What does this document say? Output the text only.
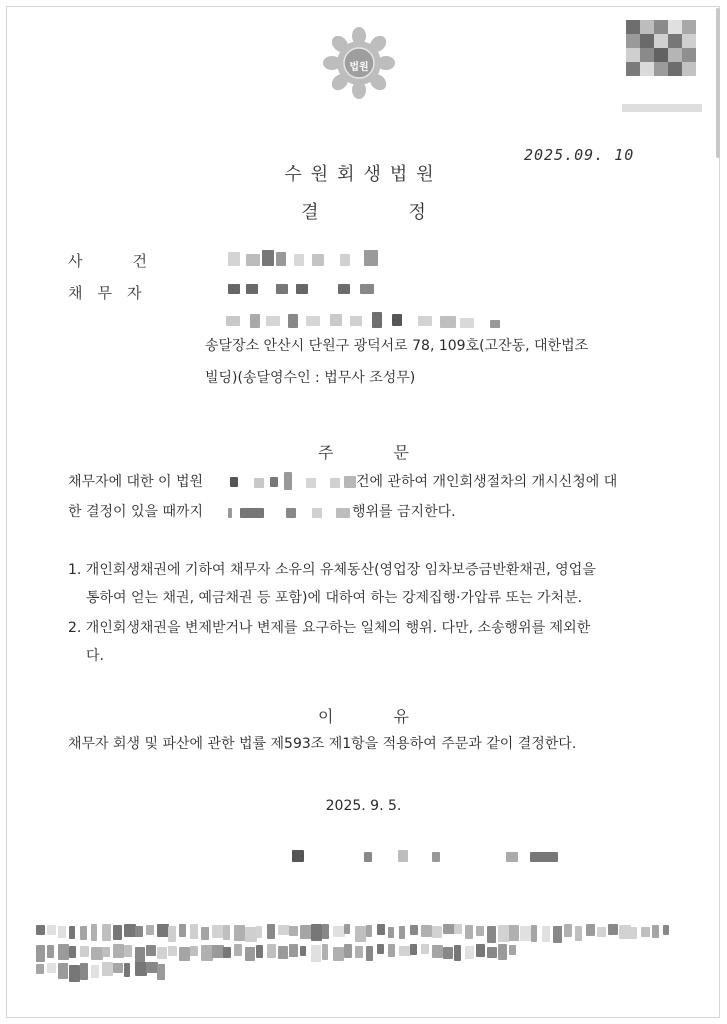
법원
2025.09. 10
수원회생법원
결	정
사건
채무자
송달장소 안산시 단원구 광덕서로 78, 109호(고잔동, 대한법조
빌딩)(송달영수인 : 법무사 조성무)
주	문
채무자에 대한 이 법원	건에 관하여 개인회생절차의 개시신청에 대
한 결정이 있을 때까지	행위를 금지한다.
1. 개인회생채권에 기하여 채무자 소유의 유체동산(영업장 임차보증금반환채권, 영업을
통하여 얻는 채권, 예금채권 등 포함)에 대하여 하는 강제집행·가압류 또는 가처분.
2. 개인회생채권을 변제받거나 변제를 요구하는 일체의 행위. 다만, 소송행위를 제외한
다.
이	유
채무자 회생 및 파산에 관한 법률 제593조 제1항을 적용하여 주문과 같이 결정한다.
2025. 9. 5.
